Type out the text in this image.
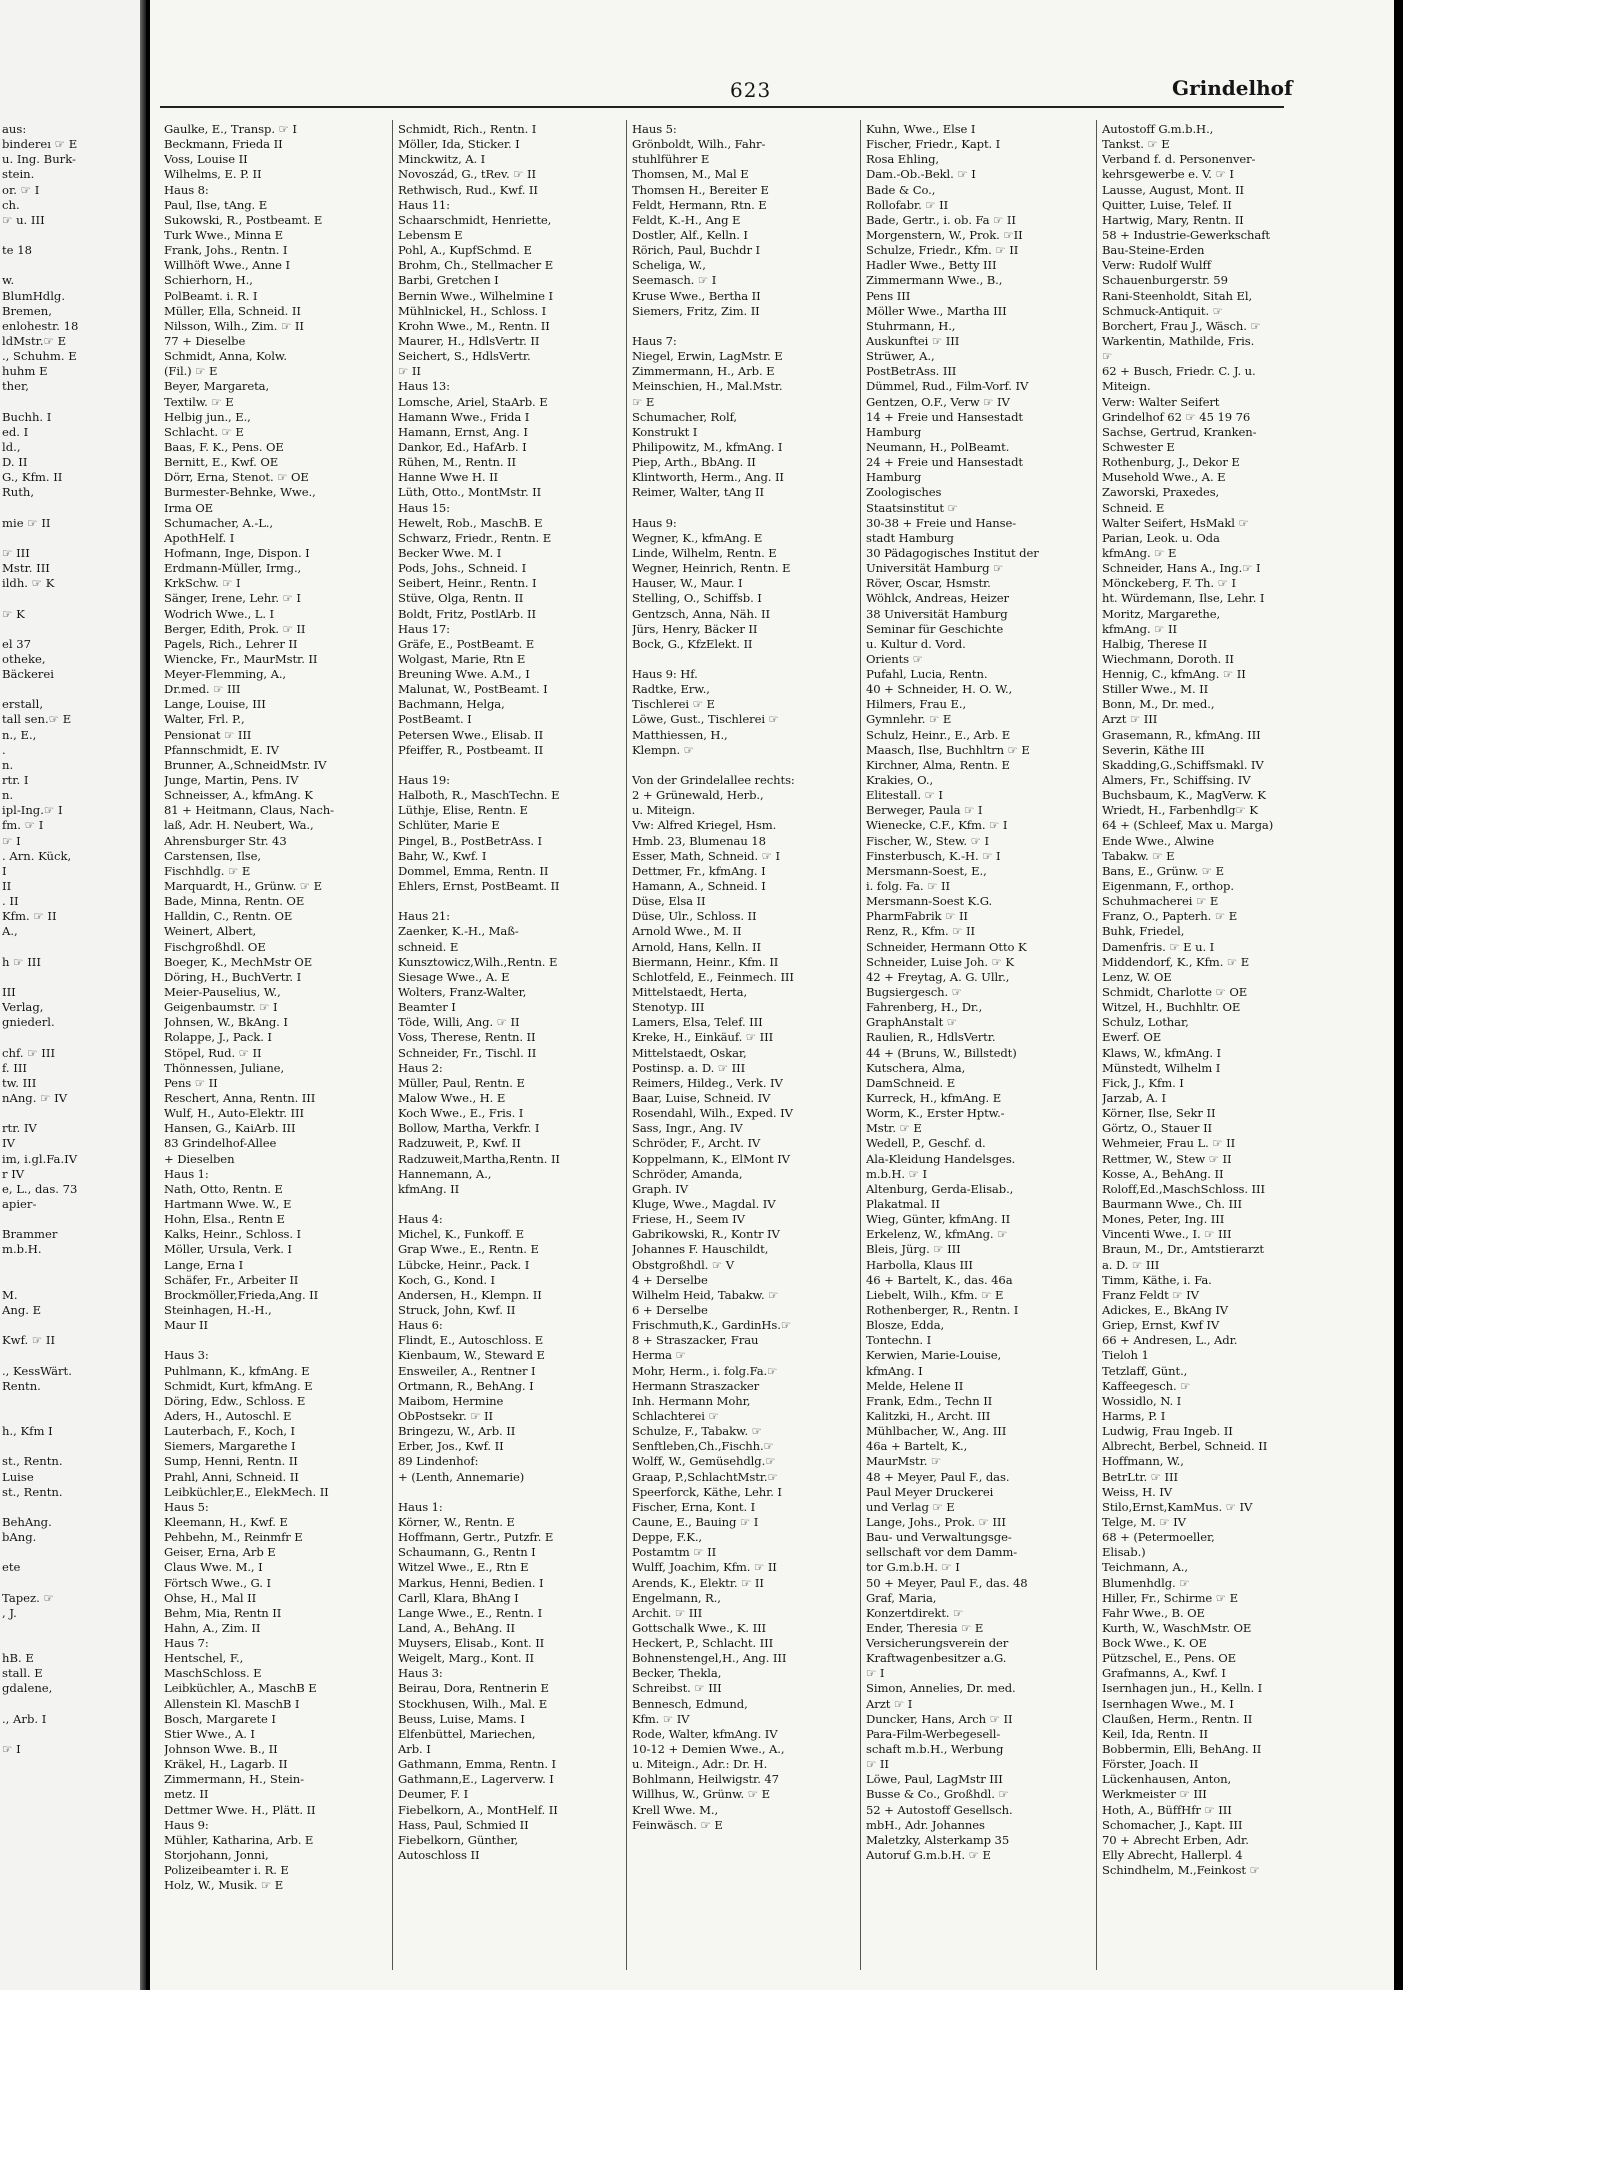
aus:
bindereı ☞ E
u. Ing. Burk-
stein.
or. ☞ I
ch.
☞ u. III
te 18
w.
BlumHdlg.
Bremen,
enlohestr. 18
ldMstr.☞ E
., Schuhm. E
huhm E
ther,
Buchh. I
ed. I
ld.,
D. II
G., Kfm. II
Ruth,
mie ☞ II
☞ III
Mstr. III
ildh. ☞ K
☞ K
el 37
otheke,
Bäckerei
erstall,
tall sen.☞ E
n., E.,
.
n.
rtr. I
n.
ipl-Ing.☞ I
fm. ☞ I
☞ I
. Arn. Kück,
I
II
. II
Kfm. ☞ II
A.,
h ☞ III
III
Verlag,
gniederl.
chf. ☞ III
f. III
tw. III
nAng. ☞ IV
rtr. IV
IV
im, i.gl.Fa.IV
r IV
e, L., das. 73
apier-
Brammer
m.b.H.
M.
Ang. E
Kwf. ☞ II
., KessWärt.
Rentn.
h., Kfm I
st., Rentn.
Luise
st., Rentn.
BehAng.
bAng.
ete
Tapez. ☞
, J.
hB. E
stall. E
gdalene,
., Arb. I
☞ I
623	Grindelhof
Gaulke, E., Transp. ☞ I
Beckmann, Frieda II
Voss, Louise II
Wilhelms, E. P. II
Haus 8:
Paul, Ilse, tAng. E
Sukowski, R., Postbeamt. E
Turk Wwe., Minna E
Frank, Johs., Rentn. I
Willhöft Wwe., Anne I
Schierhorn, H.,
PolBeamt. i. R. I
Müller, Ella, Schneid. II
Nilsson, Wilh., Zim. ☞ II
77 + Dieselbe
Schmidt, Anna, Kolw.
(Fil.) ☞ E
Beyer, Margareta,
Textilw. ☞ E
Helbig jun., E.,
Schlacht. ☞ E
Baas, F. K., Pens. OE
Bernitt, E., Kwf. OE
Dörr, Erna, Stenot. ☞ OE
Burmester-Behnke, Wwe.,
Irma OE
Schumacher, A.-L.,
ApothHelf. I
Hofmann, Inge, Dispon. I
Erdmann-Müller, Irmg.,
KrkSchw. ☞ I
Sänger, Irene, Lehr. ☞ I
Wodrich Wwe., L. I
Berger, Edith, Prok. ☞ II
Pagels, Rich., Lehrer II
Wiencke, Fr., MaurMstr. II
Meyer-Flemming, A.,
Dr.med. ☞ III
Lange, Louise, III
Walter, Frl. P.,
Pensionat ☞ III
Pfannschmidt, E. IV
Brunner, A.,SchneidMstr. IV
Junge, Martin, Pens. IV
Schneisser, A., kfmAng. K
81 + Heitmann, Claus, Nach-
laß, Adr. H. Neubert, Wa.,
Ahrensburger Str. 43
Carstensen, Ilse,
Fischhdlg. ☞ E
Marquardt, H., Grünw. ☞ E
Bade, Minna, Rentn. OE
Halldin, C., Rentn. OE
Weinert, Albert,
Fischgroßhdl. OE
Boeger, K., MechMstr OE
Döring, H., BuchVertr. I
Meier-Pauselius, W.,
Geigenbaumstr. ☞ I
Johnsen, W., BkAng. I
Rolappe, J., Pack. I
Stöpel, Rud. ☞ II
Thönnessen, Juliane,
Pens ☞ II
Reschert, Anna, Rentn. III
Wulf, H., Auto-Elektr. III
Hansen, G., KaiArb. III
83 Grindelhof-Allee
+ Dieselben
Haus 1:
Nath, Otto, Rentn. E
Hartmann Wwe. W., E
Hohn, Elsa., Rentn E
Kalks, Heinr., Schloss. I
Möller, Ursula, Verk. I
Lange, Erna I
Schäfer, Fr., Arbeiter II
Brockmöller,Frieda,Ang. II
Steinhagen, H.-H.,
Maur II
Haus 3:
Puhlmann, K., kfmAng. E
Schmidt, Kurt, kfmAng. E
Döring, Edw., Schloss. E
Aders, H., Autoschl. E
Lauterbach, F., Koch, I
Siemers, Margarethe I
Sump, Henni, Rentn. II
Prahl, Anni, Schneid. II
Leibküchler,E., ElekMech. II
Haus 5:
Kleemann, H., Kwf. E
Pehbehn, M., Reinmfr E
Geiser, Erna, Arb E
Claus Wwe. M., I
Förtsch Wwe., G. I
Ohse, H., Mal II
Behm, Mia, Rentn II
Hahn, A., Zim. II
Haus 7:
Hentschel, F.,
MaschSchloss. E
Leibküchler, A., MaschB E
Allenstein Kl. MaschB I
Bosch, Margarete I
Stier Wwe., A. I
Johnson Wwe. B., II
Kräkel, H., Lagarb. II
Zimmermann, H., Stein-
metz. II
Dettmer Wwe. H., Plätt. II
Haus 9:
Mühler, Katharina, Arb. E
Storjohann, Jonni,
Polizeibeamter i. R. E
Holz, W., Musik. ☞ E
Schmidt, Rich., Rentn. I
Möller, Ida, Sticker. I
Minckwitz, A. I
Novoszád, G., tRev. ☞ II
Rethwisch, Rud., Kwf. II
Haus 11:
Schaarschmidt, Henriette,
Lebensm E
Pohl, A., KupfSchmd. E
Brohm, Ch., Stellmacher E
Barbi, Gretchen I
Bernin Wwe., Wilhelmine I
Mühlnickel, H., Schloss. I
Krohn Wwe., M., Rentn. II
Maurer, H., HdlsVertr. II
Seichert, S., HdlsVertr.
☞ II
Haus 13:
Lomsche, Ariel, StaArb. E
Hamann Wwe., Frida I
Hamann, Ernst, Ang. I
Dankor, Ed., HafArb. I
Rühen, M., Rentn. II
Hanne Wwe H. II
Lüth, Otto., MontMstr. II
Haus 15:
Hewelt, Rob., MaschB. E
Schwarz, Friedr., Rentn. E
Becker Wwe. M. I
Pods, Johs., Schneid. I
Seibert, Heinr., Rentn. I
Stüve, Olga, Rentn. II
Boldt, Fritz, PostlArb. II
Haus 17:
Gräfe, E., PostBeamt. E
Wolgast, Marie, Rtn E
Breuning Wwe. A.M., I
Malunat, W., PostBeamt. I
Bachmann, Helga,
PostBeamt. I
Petersen Wwe., Elisab. II
Pfeiffer, R., Postbeamt. II
Haus 19:
Halboth, R., MaschTechn. E
Lüthje, Elise, Rentn. E
Schlüter, Marie E
Pingel, B., PostBetrAss. I
Bahr, W., Kwf. I
Dommel, Emma, Rentn. II
Ehlers, Ernst, PostBeamt. II
Haus 21:
Zaenker, K.-H., Maß-
schneid. E
Kunsztowicz,Wilh.,Rentn. E
Siesage Wwe., A. E
Wolters, Franz-Walter,
Beamter I
Töde, Willi, Ang. ☞ II
Voss, Therese, Rentn. II
Schneider, Fr., Tischl. II
Haus 2:
Müller, Paul, Rentn. E
Malow Wwe., H. E
Koch Wwe., E., Fris. I
Bollow, Martha, Verkfr. I
Radzuweit, P., Kwf. II
Radzuweit,Martha,Rentn. II
Hannemann, A.,
kfmAng. II
Haus 4:
Michel, K., Funkoff. E
Grap Wwe., E., Rentn. E
Lübcke, Heinr., Pack. I
Koch, G., Kond. I
Andersen, H., Klempn. II
Struck, John, Kwf. II
Haus 6:
Flindt, E., Autoschloss. E
Kienbaum, W., Steward E
Ensweiler, A., Rentner I
Ortmann, R., BehAng. I
Maibom, Hermine
ObPostsekr. ☞ II
Bringezu, W., Arb. II
Erber, Jos., Kwf. II
89 Lindenhof:
+ (Lenth, Annemarie)
Haus 1:
Körner, W., Rentn. E
Hoffmann, Gertr., Putzfr. E
Schaumann, G., Rentn I
Witzel Wwe., E., Rtn E
Markus, Henni, Bedien. I
Carll, Klara, BhAng I
Lange Wwe., E., Rentn. I
Land, A., BehAng. II
Muysers, Elisab., Kont. II
Weigelt, Marg., Kont. II
Haus 3:
Beirau, Dora, Rentnerin E
Stockhusen, Wilh., Mal. E
Beuss, Luise, Mams. I
Elfenbüttel, Mariechen,
Arb. I
Gathmann, Emma, Rentn. I
Gathmann,E., Lagerverw. I
Deumer, F. I
Fiebelkorn, A., MontHelf. II
Hass, Paul, Schmied II
Fiebelkorn, Günther,
Autoschloss II
Haus 5:
Grönboldt, Wilh., Fahr-
stuhlführer E
Thomsen, M., Mal E
Thomsen H., Bereiter E
Feldt, Hermann, Rtn. E
Feldt, K.-H., Ang E
Dostler, Alf., Kelln. I
Rörich, Paul, Buchdr I
Scheliga, W.,
Seemasch. ☞ I
Kruse Wwe., Bertha II
Siemers, Fritz, Zim. II
Haus 7:
Niegel, Erwin, LagMstr. E
Zimmermann, H., Arb. E
Meinschien, H., Mal.Mstr.
☞ E
Schumacher, Rolf,
Konstrukt I
Philipowitz, M., kfmAng. I
Piep, Arth., BbAng. II
Klintworth, Herm., Ang. II
Reimer, Walter, tAng II
Haus 9:
Wegner, K., kfmAng. E
Linde, Wilhelm, Rentn. E
Wegner, Heinrich, Rentn. E
Hauser, W., Maur. I
Stelling, O., Schiffsb. I
Gentzsch, Anna, Näh. II
Jürs, Henry, Bäcker II
Bock, G., KfzElekt. II
Haus 9: Hf.
Radtke, Erw.,
Tischlerei ☞ E
Löwe, Gust., Tischlerei ☞
Matthiessen, H.,
Klempn. ☞
Von der Grindelallee rechts:
2 + Grünewald, Herb.,
u. Miteign.
Vw: Alfred Kriegel, Hsm.
Hmb. 23, Blumenau 18
Esser, Math, Schneid. ☞ I
Dettmer, Fr., kfmAng. I
Hamann, A., Schneid. I
Düse, Elsa II
Düse, Ulr., Schloss. II
Arnold Wwe., M. II
Arnold, Hans, Kelln. II
Biermann, Heinr., Kfm. II
Schlotfeld, E., Feinmech. III
Mittelstaedt, Herta,
Stenotyp. III
Lamers, Elsa, Telef. III
Kreke, H., Einkäuf. ☞ III
Mittelstaedt, Oskar,
Postinsp. a. D. ☞ III
Reimers, Hildeg., Verk. IV
Baar, Luise, Schneid. IV
Rosendahl, Wilh., Exped. IV
Sass, Ingr., Ang. IV
Schröder, F., Archt. IV
Koppelmann, K., ElMont IV
Schröder, Amanda,
Graph. IV
Kluge, Wwe., Magdal. IV
Friese, H., Seem IV
Gabrikowski, R., Kontr IV
Johannes F. Hauschildt,
Obstgroßhdl. ☞ V
4 + Derselbe
Wilhelm Heid, Tabakw. ☞
6 + Derselbe
Frischmuth,K., GardinHs.☞
8 + Straszacker, Frau
Herma ☞
Mohr, Herm., i. folg.Fa.☞
Hermann Straszacker
Inh. Hermann Mohr,
Schlachterei ☞
Schulze, F., Tabakw. ☞
Senftleben,Ch.,Fischh.☞
Wolff, W., Gemüsehdlg.☞
Graap, P.,SchlachtMstr.☞
Speerforck, Käthe, Lehr. I
Fischer, Erna, Kont. I
Caune, E., Bauing ☞ I
Deppe, F.K.,
Postamtm ☞ II
Wulff, Joachim, Kfm. ☞ II
Arends, K., Elektr. ☞ II
Engelmann, R.,
Archit. ☞ III
Gottschalk Wwe., K. III
Heckert, P., Schlacht. III
Bohnenstengel,H., Ang. III
Becker, Thekla,
Schreibst. ☞ III
Bennesch, Edmund,
Kfm. ☞ IV
Rode, Walter, kfmAng. IV
10-12 + Demien Wwe., A.,
u. Miteign., Adr.: Dr. H.
Bohlmann, Heilwigstr. 47
Willhus, W., Grünw. ☞ E
Krell Wwe. M.,
Feinwäsch. ☞ E
Kuhn, Wwe., Else I
Fischer, Friedr., Kapt. I
Rosa Ehling,
Dam.-Ob.-Bekl. ☞ I
Bade & Co.,
Rollofabr. ☞ II
Bade, Gertr., i. ob. Fa ☞ II
Morgenstern, W., Prok. ☞II
Schulze, Friedr., Kfm. ☞ II
Hadler Wwe., Betty III
Zimmermann Wwe., B.,
Pens III
Möller Wwe., Martha III
Stuhrmann, H.,
Auskunftei ☞ III
Strüwer, A.,
PostBetrAss. III
Dümmel, Rud., Film-Vorf. IV
Gentzen, O.F., Verw ☞ IV
14 + Freie und Hansestadt
Hamburg
Neumann, H., PolBeamt.
24 + Freie und Hansestadt
Hamburg
Zoologisches
Staatsinstitut ☞
30-38 + Freie und Hanse-
stadt Hamburg
30 Pädagogisches Institut der
Universität Hamburg ☞
Röver, Oscar, Hsmstr.
Wöhlck, Andreas, Heizer
38 Universität Hamburg
Seminar für Geschichte
u. Kultur d. Vord.
Orients ☞
Pufahl, Lucia, Rentn.
40 + Schneider, H. O. W.,
Hilmers, Frau E.,
Gymnlehr. ☞ E
Schulz, Heinr., E., Arb. E
Maasch, Ilse, Buchhltrn ☞ E
Kirchner, Alma, Rentn. E
Krakies, O.,
Elitestall. ☞ I
Berweger, Paula ☞ I
Wienecke, C.F., Kfm. ☞ I
Fischer, W., Stew. ☞ I
Finsterbusch, K.-H. ☞ I
Mersmann-Soest, E.,
i. folg. Fa. ☞ II
Mersmann-Soest K.G.
PharmFabrik ☞ II
Renz, R., Kfm. ☞ II
Schneider, Hermann Otto K
Schneider, Luise Joh. ☞ K
42 + Freytag, A. G. Ullr.,
Bugsiergesch. ☞
Fahrenberg, H., Dr.,
GraphAnstalt ☞
Raulien, R., HdlsVertr.
44 + (Bruns, W., Billstedt)
Kutschera, Alma,
DamSchneid. E
Kurreck, H., kfmAng. E
Worm, K., Erster Hptw.-
Mstr. ☞ E
Wedell, P., Geschf. d.
Ala-Kleidung Handelsges.
m.b.H. ☞ I
Altenburg, Gerda-Elisab.,
Plakatmal. II
Wieg, Günter, kfmAng. II
Erkelenz, W., kfmAng. ☞
Bleis, Jürg. ☞ III
Harbolla, Klaus III
46 + Bartelt, K., das. 46a
Liebelt, Wilh., Kfm. ☞ E
Rothenberger, R., Rentn. I
Blosze, Edda,
Tontechn. I
Kerwien, Marie-Louise,
kfmAng. I
Melde, Helene II
Frank, Edm., Techn II
Kalitzki, H., Archt. III
Mühlbacher, W., Ang. III
46a + Bartelt, K.,
MaurMstr. ☞
48 + Meyer, Paul F., das.
Paul Meyer Druckerei
und Verlag ☞ E
Lange, Johs., Prok. ☞ III
Bau- und Verwaltungsge-
sellschaft vor dem Damm-
tor G.m.b.H. ☞ I
50 + Meyer, Paul F., das. 48
Graf, Maria,
Konzertdirekt. ☞
Ender, Theresia ☞ E
Versicherungsverein der
Kraftwagenbesitzer a.G.
☞ I
Simon, Annelies, Dr. med.
Arzt ☞ I
Duncker, Hans, Arch ☞ II
Para-Film-Werbegesell-
schaft m.b.H., Werbung
☞ II
Löwe, Paul, LagMstr III
Busse & Co., Großhdl. ☞
52 + Autostoff Gesellsch.
mbH., Adr. Johannes
Maletzky, Alsterkamp 35
Autoruf G.m.b.H. ☞ E
Autostoff G.m.b.H.,
Tankst. ☞ E
Verband f. d. Personenver-
kehrsgewerbe e. V. ☞ I
Lausse, August, Mont. II
Quitter, Luise, Telef. II
Hartwig, Mary, Rentn. II
58 + Industrie-Gewerkschaft
Bau-Steine-Erden
Verw: Rudolf Wulff
Schauenburgerstr. 59
Rani-Steenholdt, Sitah El,
Schmuck-Antiquit. ☞
Borchert, Frau J., Wäsch. ☞
Warkentin, Mathilde, Fris.
☞
62 + Busch, Friedr. C. J. u.
Miteign.
Verw: Walter Seifert
Grindelhof 62 ☞ 45 19 76
Sachse, Gertrud, Kranken-
Schwester E
Rothenburg, J., Dekor E
Musehold Wwe., A. E
Zaworski, Praxedes,
Schneid. E
Walter Seifert, HsMakl ☞
Parian, Leok. u. Oda
kfmAng. ☞ E
Schneider, Hans A., Ing.☞ I
Mönckeberg, F. Th. ☞ I
ht. Würdemann, Ilse, Lehr. I
Moritz, Margarethe,
kfmAng. ☞ II
Halbig, Therese II
Wiechmann, Doroth. II
Hennig, C., kfmAng. ☞ II
Stiller Wwe., M. II
Bonn, M., Dr. med.,
Arzt ☞ III
Grasemann, R., kfmAng. III
Severin, Käthe III
Skadding,G.,Schiffsmakl. IV
Almers, Fr., Schiffsing. IV
Buchsbaum, K., MagVerw. K
Wriedt, H., Farbenhdlg☞ K
64 + (Schleef, Max u. Marga)
Ende Wwe., Alwine
Tabakw. ☞ E
Bans, E., Grünw. ☞ E
Eigenmann, F., orthop.
Schuhmacherei ☞ E
Franz, O., Papterh. ☞ E
Buhk, Friedel,
Damenfris. ☞ E u. I
Middendorf, K., Kfm. ☞ E
Lenz, W. OE
Schmidt, Charlotte ☞ OE
Witzel, H., Buchhltr. OE
Schulz, Lothar,
Ewerf. OE
Klaws, W., kfmAng. I
Münstedt, Wilhelm I
Fick, J., Kfm. I
Jarzab, A. I
Körner, Ilse, Sekr II
Görtz, O., Stauer II
Wehmeier, Frau L. ☞ II
Rettmer, W., Stew ☞ II
Kosse, A., BehAng. II
Roloff,Ed.,MaschSchloss. III
Baurmann Wwe., Ch. III
Mones, Peter, Ing. III
Vincenti Wwe., I. ☞ III
Braun, M., Dr., Amtstierarzt
a. D. ☞ III
Timm, Käthe, i. Fa.
Franz Feldt ☞ IV
Adickes, E., BkAng IV
Griep, Ernst, Kwf IV
66 + Andresen, L., Adr.
Tieloh 1
Tetzlaff, Günt.,
Kaffeegesch. ☞
Wossidlo, N. I
Harms, P. I
Ludwig, Frau Ingeb. II
Albrecht, Berbel, Schneid. II
Hoffmann, W.,
BetrLtr. ☞ III
Weiss, H. IV
Stilo,Ernst,KamMus. ☞ IV
Telge, M. ☞ IV
68 + (Petermoeller,
Elisab.)
Teichmann, A.,
Blumenhdlg. ☞
Hiller, Fr., Schirme ☞ E
Fahr Wwe., B. OE
Kurth, W., WaschMstr. OE
Bock Wwe., K. OE
Pützschel, E., Pens. OE
Grafmanns, A., Kwf. I
Isernhagen jun., H., Kelln. I
Isernhagen Wwe., M. I
Claußen, Herm., Rentn. II
Keil, Ida, Rentn. II
Bobbermin, Elli, BehAng. II
Förster, Joach. II
Lückenhausen, Anton,
Werkmeister ☞ III
Hoth, A., BüffHfr ☞ III
Schomacher, J., Kapt. III
70 + Abrecht Erben, Adr.
Elly Abrecht, Hallerpl. 4
Schindhelm, M.,Feinkost ☞
